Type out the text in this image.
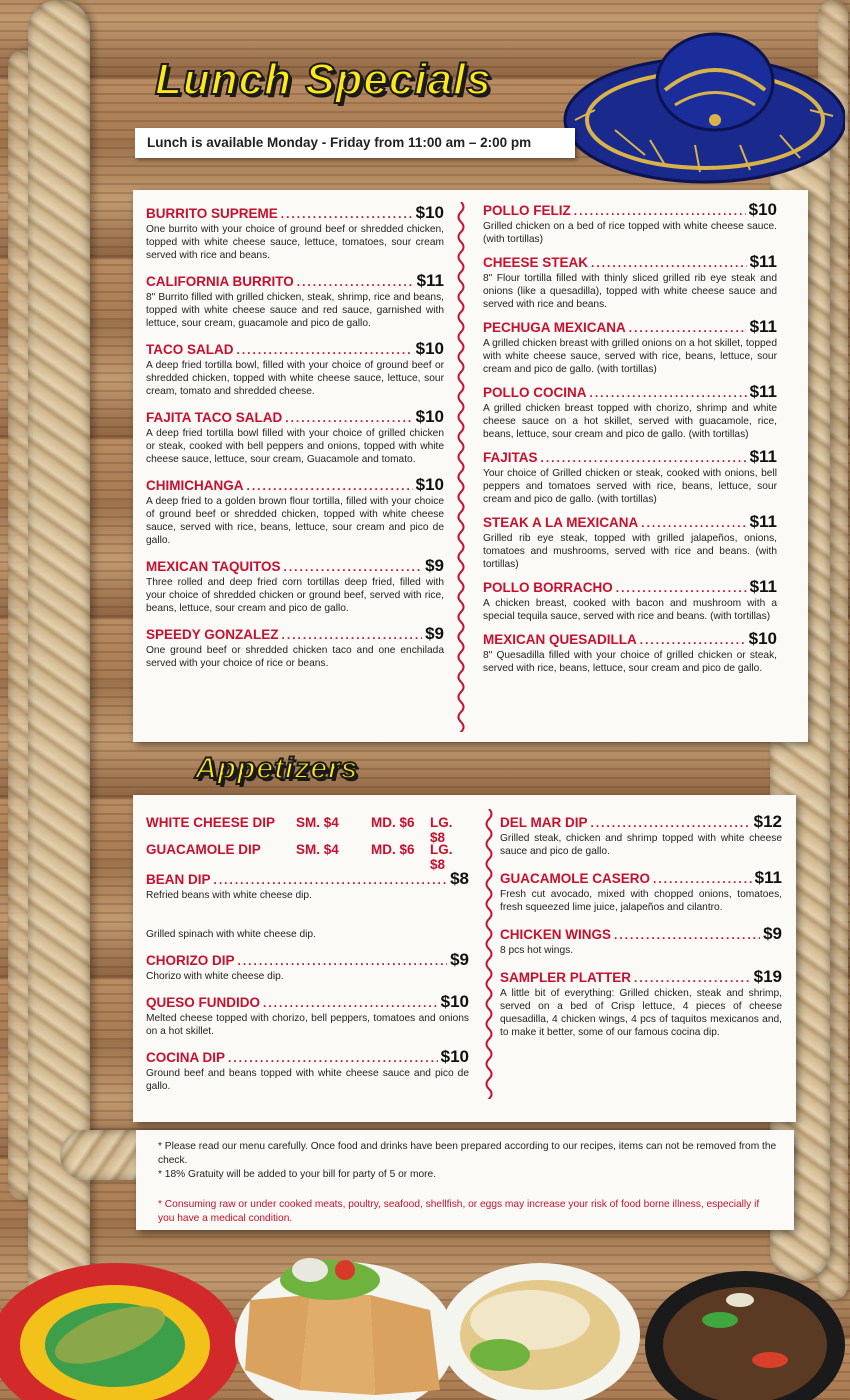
Lunch Specials
Lunch is available Monday - Friday from 11:00 am – 2:00 pm
BURRITO SUPREME .....	$10
One burrito with your choice of ground beef or shredded chicken, topped with white cheese sauce, lettuce, tomatoes, sour cream served with rice and beans.
CALIFORNIA BURRITO .....	$11
8" Burrito filled with grilled chicken, steak, shrimp, rice and beans, topped with white cheese sauce and red sauce, garnished with lettuce, sour cream, guacamole and pico de gallo.
TACO SALAD .....	$10
A deep fried tortilla bowl, filled with your choice of ground beef or shredded chicken, topped with white cheese sauce, lettuce, sour cream, tomato and shredded cheese.
FAJITA TACO SALAD .....	$10
A deep fried tortilla bowl filled with your choice of grilled chicken or steak, cooked with bell peppers and onions, topped with white cheese sauce, lettuce, sour cream, Guacamole and tomato.
CHIMICHANGA .....	$10
A deep fried to a golden brown flour tortilla, filled with your choice of ground beef or shredded chicken, topped with white cheese sauce, served with rice, beans, lettuce, sour cream and pico de gallo.
MEXICAN TAQUITOS .....	$9
Three rolled and deep fried corn tortillas deep fried, filled with your choice of shredded chicken or ground beef, served with rice, beans, lettuce, sour cream and pico de gallo.
SPEEDY GONZALEZ .....	$9
One ground beef or shredded chicken taco and one enchilada served with your choice of rice or beans.
POLLO FELIZ .....	$10
Grilled chicken on a bed of rice topped with white cheese sauce. (with tortillas)
CHEESE STEAK .....	$11
8" Flour tortilla filled with thinly sliced grilled rib eye steak and onions (like a quesadilla), topped with white cheese sauce and served with rice and beans.
PECHUGA MEXICANA .....	$11
A grilled chicken breast with grilled onions on a hot skillet, topped with white cheese sauce, served with rice, beans, lettuce, sour cream and pico de gallo. (with tortillas)
POLLO COCINA .....	$11
A grilled chicken breast topped with chorizo, shrimp and white cheese sauce on a hot skillet, served with guacamole, rice, beans, lettuce, sour cream and pico de gallo. (with tortillas)
FAJITAS .....	$11
Your choice of Grilled chicken or steak, cooked with onions, bell peppers and tomatoes served with rice, beans, lettuce, sour cream and pico de gallo. (with tortillas)
STEAK A LA MEXICANA .....	$11
Grilled rib eye steak, topped with grilled jalapeños, onions, tomatoes and mushrooms, served with rice and beans. (with tortillas)
POLLO BORRACHO .....	$11
A chicken breast, cooked with bacon and mushroom with a special tequila sauce, served with rice and beans. (with tortillas)
MEXICAN QUESADILLA .....	$10
8" Quesadilla filled with your choice of grilled chicken or steak, served with rice, beans, lettuce, sour cream and pico de gallo.
Appetizers
WHITE CHEESE DIP SM. $4 MD. $6 LG. $8
GUACAMOLE DIP	SM. $4 MD. $6 LG. $8
BEAN DIP .....	$8
Refried beans with white cheese dip.
Grilled spinach with white cheese dip.
CHORIZO DIP .....	$9
Chorizo with white cheese dip.
QUESO FUNDIDO .....	$10
Melted cheese topped with chorizo, bell peppers, tomatoes and onions on a hot skillet.
COCINA DIP .....	$10
Ground beef and beans topped with white cheese sauce and pico de gallo.
DEL MAR DIP .....	$12
Grilled steak, chicken and shrimp topped with white cheese sauce and pico de gallo.
GUACAMOLE CASERO .....	$11
Fresh cut avocado, mixed with chopped onions, tomatoes, fresh squeezed lime juice, jalapeños and cilantro.
CHICKEN WINGS .....	$9
8 pcs hot wings.
SAMPLER PLATTER .....	$19
A little bit of everything: Grilled chicken, steak and shrimp, served on a bed of Crisp lettuce, 4 pieces of cheese quesadilla, 4 chicken wings, 4 pcs of taquitos mexicanos and, to make it better, some of our famous cocina dip.
* Please read our menu carefully. Once food and drinks have been prepared according to our recipes, items can not be removed from the check.
* 18% Gratuity will be added to your bill for party of 5 or more.
* Consuming raw or under cooked meats, poultry, seafood, shellfish, or eggs may increase your risk of food borne illness, especially if you have a medical condition.
